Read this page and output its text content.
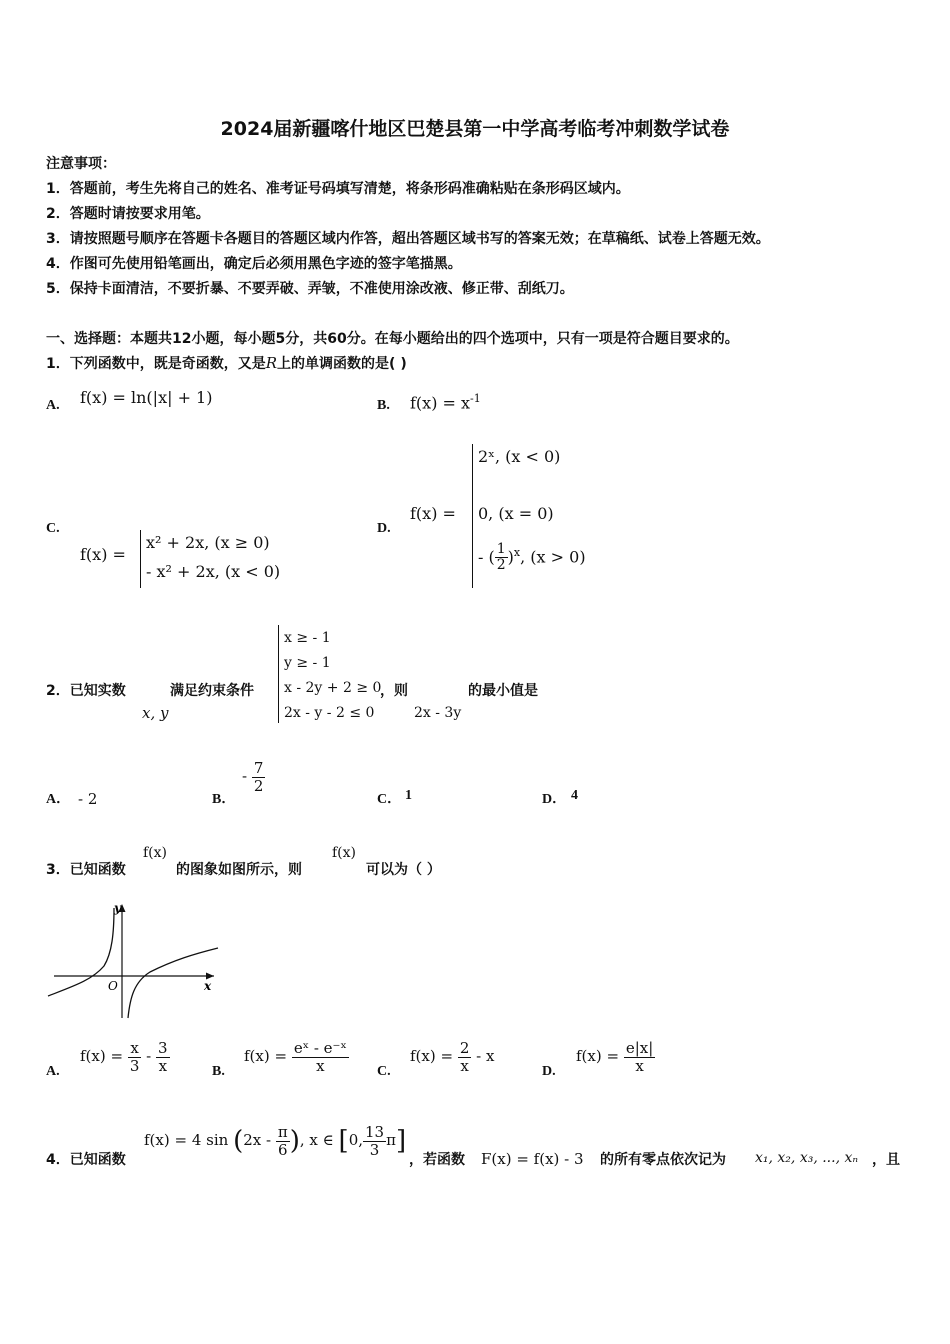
2024届新疆喀什地区巴楚县第一中学高考临考冲刺数学试卷
注意事项：
1．答题前，考生先将自己的姓名、准考证号码填写清楚，将条形码准确粘贴在条形码区域内。
2．答题时请按要求用笔。
3．请按照题号顺序在答题卡各题目的答题区域内作答，超出答题区域书写的答案无效；在草稿纸、试卷上答题无效。
4．作图可先使用铅笔画出，确定后必须用黑色字迹的签字笔描黑。
5．保持卡面清洁，不要折暴、不要弄破、弄皱，不准使用涂改液、修正带、刮纸刀。
一、选择题：本题共12小题，每小题5分，共60分。在每小题给出的四个选项中，只有一项是符合题目要求的。
1．下列函数中，既是奇函数，又是R上的单调函数的是( )
A. f(x) = ln(|x| + 1)	B. $f(x) = x^{-1}$
C.
f(x) =
x² + 2x, (x ≥ 0)
- x² + 2x, (x < 0)
D.
f(x) =
2ˣ, (x < 0)
0, (x = 0)
- ( $\frac{1}{2} )^x$, (x > 0)
2．已知实数	满足约束条件
x, y
x ≥ - 1
y ≥ - 1
x - 2y + 2 ≥ 0
2x - y - 2 ≤ 0
，则
2x - 3y
的最小值是
A． - 2	B．
- $\frac{7}{2}$
C． 1	D． 4
3．已知函数
f(x)
的图象如图所示，则
f(x)
可以为（ ）
y
x
O
A.
$f(x) = \frac{x}{3} - \frac{3}{x}$	B.
$f(x) = \frac{\text{eˣ - e⁻ˣ}}{x} C$.
$f(x) = \frac{2}{x} - x$
D.
$f(x) = \frac{e|x|}{x}$
4．已知函数
f(x) = 4 $\sin (2x - \frac{\pi}{6}$ ), x ∈ [0, $\frac{13}{3} \pi$]
，若函数 F(x) = f(x) - 3 的所有零点依次记为 x₁, x₂, x₃, ..., xₙ ，且
